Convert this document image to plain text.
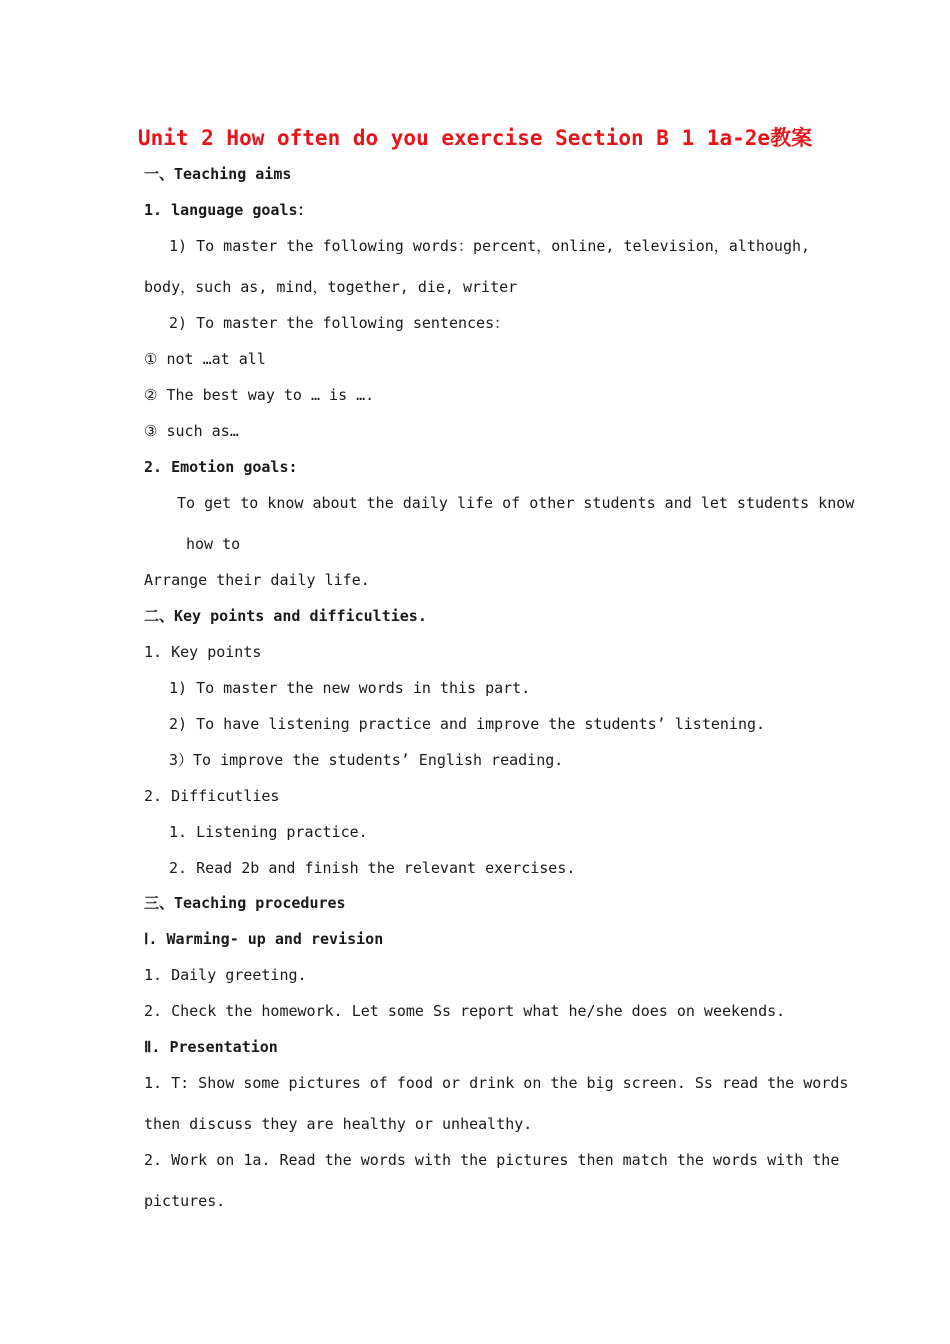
Unit 2 How often do you exercise Section B 1 1a-2e教案
一、Teaching aims
1. language goals：
1) To master the following words：percent，online, television，although,
body，such as, mind，together, die, writer
2) To master the following sentences：
① not …at all
② The best way to … is ….
③ such as…
2. Emotion goals:
To get to know about the daily life of other students and let students know
how to
Arrange their daily life.
二、Key points and difficulties.
1. Key points
1) To master the new words in this part.
2) To have listening practice and improve the students’ listening.
3）To improve the students’ English reading.
2. Difficutlies
1. Listening practice.
2. Read 2b and finish the relevant exercises.
三、Teaching procedures
Ⅰ. Warming- up and revision
1. Daily greeting.
2. Check the homework. Let some Ss report what he/she does on weekends.
Ⅱ. Presentation
1. T: Show some pictures of food or drink on the big screen. Ss read the words
then discuss they are healthy or unhealthy.
2. Work on 1a. Read the words with the pictures then match the words with the
pictures.
